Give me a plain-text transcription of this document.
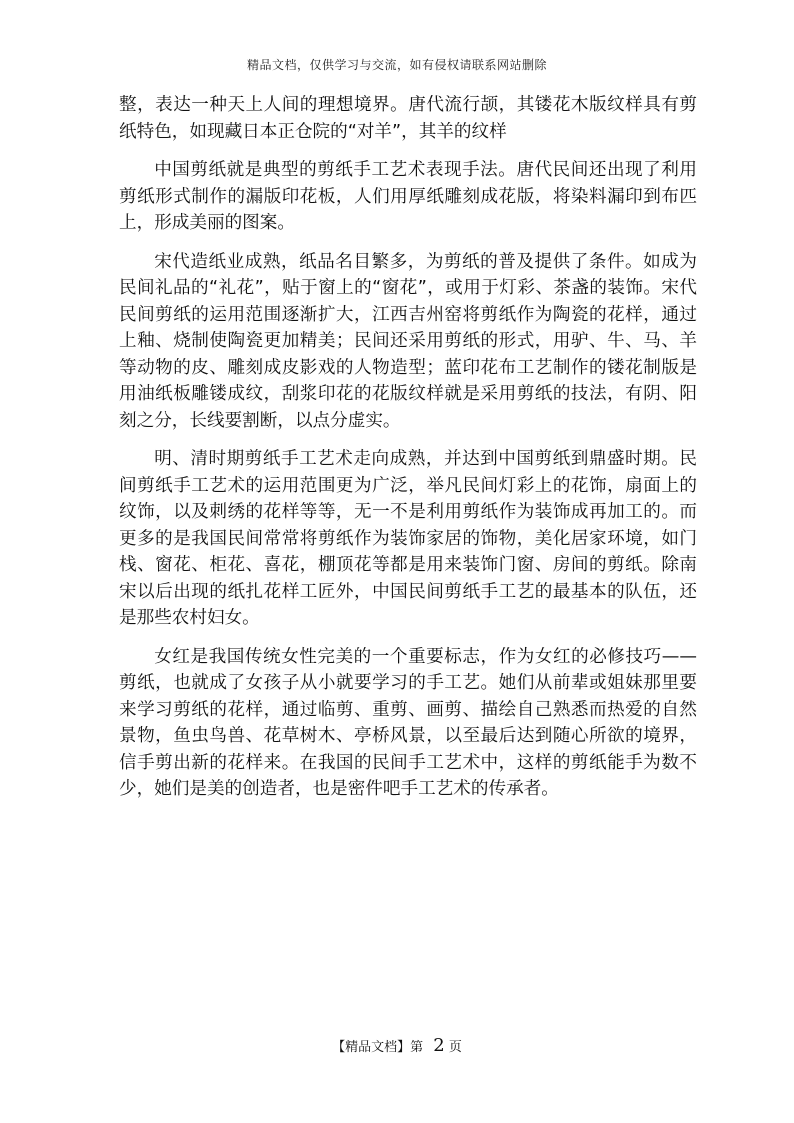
精品文档，仅供学习与交流，如有侵权请联系网站删除

整，表达一种天上人间的理想境界。唐代流行颉，其镂花木版纹样具有剪纸特色，如现藏日本正仓院的“对羊”，其羊的纹样

中国剪纸就是典型的剪纸手工艺术表现手法。唐代民间还出现了利用剪纸形式制作的漏版印花板，人们用厚纸雕刻成花版，将染料漏印到布匹上，形成美丽的图案。

宋代造纸业成熟，纸品名目繁多，为剪纸的普及提供了条件。如成为民间礼品的“礼花”，贴于窗上的“窗花”，或用于灯彩、茶盏的装饰。宋代民间剪纸的运用范围逐渐扩大，江西吉州窑将剪纸作为陶瓷的花样，通过上釉、烧制使陶瓷更加精美；民间还采用剪纸的形式，用驴、牛、马、羊等动物的皮、雕刻成皮影戏的人物造型；蓝印花布工艺制作的镂花制版是用油纸板雕镂成纹，刮浆印花的花版纹样就是采用剪纸的技法，有阴、阳刻之分，长线要割断，以点分虚实。

明、清时期剪纸手工艺术走向成熟，并达到中国剪纸到鼎盛时期。民间剪纸手工艺术的运用范围更为广泛，举凡民间灯彩上的花饰，扇面上的纹饰，以及刺绣的花样等等，无一不是利用剪纸作为装饰成再加工的。而更多的是我国民间常常将剪纸作为装饰家居的饰物，美化居家环境，如门栈、窗花、柜花、喜花，棚顶花等都是用来装饰门窗、房间的剪纸。除南宋以后出现的纸扎花样工匠外，中国民间剪纸手工艺的最基本的队伍，还是那些农村妇女。

女红是我国传统女性完美的一个重要标志，作为女红的必修技巧——剪纸，也就成了女孩子从小就要学习的手工艺。她们从前辈或姐妹那里要来学习剪纸的花样，通过临剪、重剪、画剪、描绘自己熟悉而热爱的自然景物，鱼虫鸟兽、花草树木、亭桥风景，以至最后达到随心所欲的境界，信手剪出新的花样来。在我国的民间手工艺术中，这样的剪纸能手为数不少，她们是美的创造者，也是密件吧手工艺术的传承者。

【精品文档】第 2 页
